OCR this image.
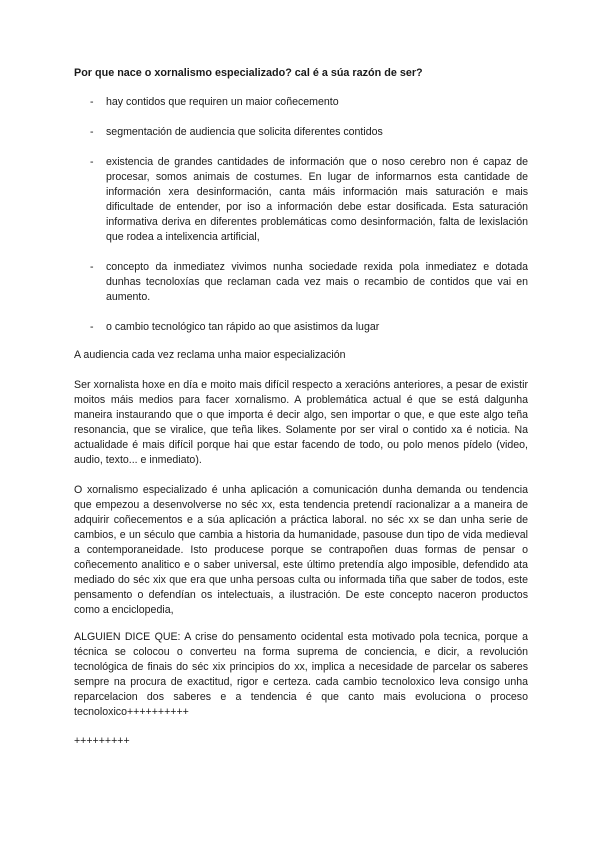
Por que nace o xornalismo especializado? cal é a súa razón de ser?

- hay contidos que requiren un maior coñecemento
- segmentación de audiencia que solicita diferentes contidos
- existencia de grandes cantidades de información que o noso cerebro non é capaz de procesar, somos animais de costumes. En lugar de informarnos esta cantidade de información xera desinformación, canta máis información mais saturación e mais dificultade de entender, por iso a información debe estar dosificada. Esta saturación informativa deriva en diferentes problemáticas como desinformación, falta de lexislación que rodea a intelixencia artificial,
- concepto da inmediatez vivimos nunha sociedade rexida pola inmediatez e dotada dunhas tecnoloxías que reclaman cada vez mais o recambio de contidos que vai en aumento.
- o cambio tecnológico tan rápido ao que asistimos da lugar

A audiencia cada vez reclama unha maior especialización

Ser xornalista hoxe en día e moito mais difícil respecto a xeracións anteriores, a pesar de existir moitos máis medios para facer xornalismo. A problemática actual é que se está dalgunha maneira instaurando que o que importa é decir algo, sen importar o que, e que este algo teña resonancia, que se viralice, que teña likes. Solamente por ser viral o contido xa é noticia. Na actualidade é mais difícil porque hai que estar facendo de todo, ou polo menos pídelo (video, audio, texto... e inmediato).

O xornalismo especializado é unha aplicación a comunicación dunha demanda ou tendencia que empezou a desenvolverse no séc xx, esta tendencia pretendí racionalizar a a maneira de adquirir coñecementos e a súa aplicación a práctica laboral. no séc xx se dan unha serie de cambios, e un século que cambia a historia da humanidade, pasouse dun tipo de vida medieval a contemporaneidade. Isto producese porque se contrapoñen duas formas de pensar o coñecemento analitico e o saber universal, este último pretendía algo imposible, defendido ata mediado do séc xix que era que unha persoas culta ou informada tiña que saber de todos, este pensamento o defendían os intelectuais, a ilustración. De este concepto naceron productos como a enciclopedia,

ALGUIEN DICE QUE: A crise do pensamento ocidental esta motivado pola tecnica, porque a técnica se colocou o converteu na forma suprema de conciencia, e dicir, a revolución tecnológica de finais do séc xix principios do xx, implica a necesidade de parcelar os saberes sempre na procura de exactitud, rigor e certeza. cada cambio tecnoloxico leva consigo unha reparcelacion dos saberes e a tendencia é que canto mais evoluciona o proceso tecnoloxico++++++++++

+++++++++
